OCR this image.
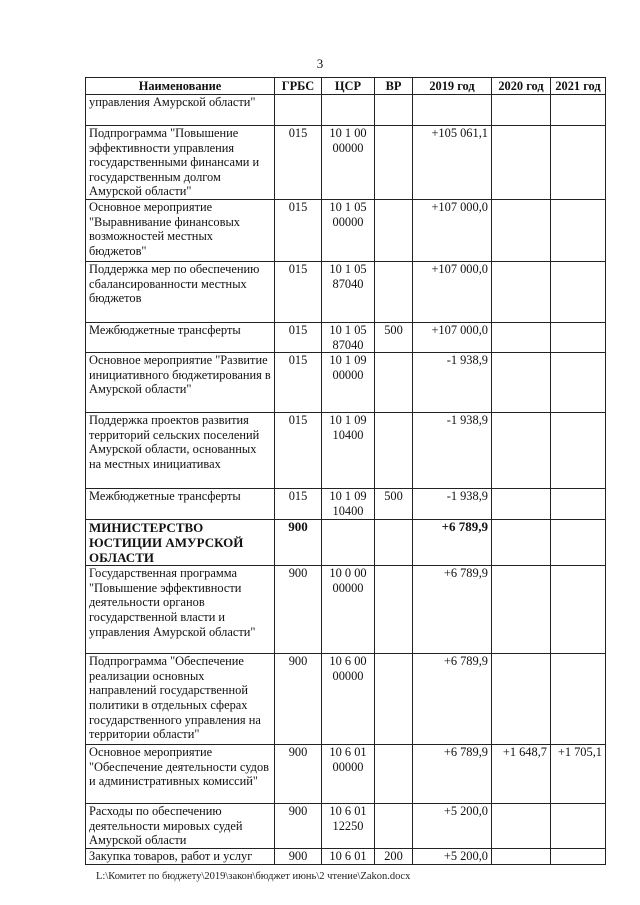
3
Наименование	ГРБС	ЦСР	ВР	2019 год	2020 год	2021 год
управления Амурской области"						
Подпрограмма "Повышение эффективности управления государственными финансами и государственным долгом Амурской области"	015	10 1 00 00000		+105 061,1		
Основное мероприятие "Выравнивание финансовых возможностей местных бюджетов"	015	10 1 05 00000		+107 000,0		
Поддержка мер по обеспечению сбалансированности местных бюджетов	015	10 1 05 87040		+107 000,0		
Межбюджетные трансферты	015	10 1 05 87040	500	+107 000,0		
Основное мероприятие "Развитие инициативного бюджетирования в Амурской области"	015	10 1 09 00000		-1 938,9		
Поддержка проектов развития территорий сельских поселений Амурской области, основанных на местных инициативах	015	10 1 09 10400		-1 938,9		
Межбюджетные трансферты	015	10 1 09 10400	500	-1 938,9		
МИНИСТЕРСТВО ЮСТИЦИИ АМУРСКОЙ ОБЛАСТИ	900			+6 789,9		
Государственная программа "Повышение эффективности деятельности органов государственной власти и управления Амурской области"	900	10 0 00 00000		+6 789,9		
Подпрограмма "Обеспечение реализации основных направлений государственной политики в отдельных сферах государственного управления на территории области"	900	10 6 00 00000		+6 789,9		
Основное мероприятие "Обеспечение деятельности судов и административных комиссий"	900	10 6 01 00000		+6 789,9	+1 648,7	+1 705,1
Расходы по обеспечению деятельности мировых судей Амурской области	900	10 6 01 12250		+5 200,0		
Закупка товаров, работ и услуг	900	10 6 01	200	+5 200,0		
L:\Комитет по бюджету\2019\закон\бюджет июнь\2 чтение\Zakon.docx
